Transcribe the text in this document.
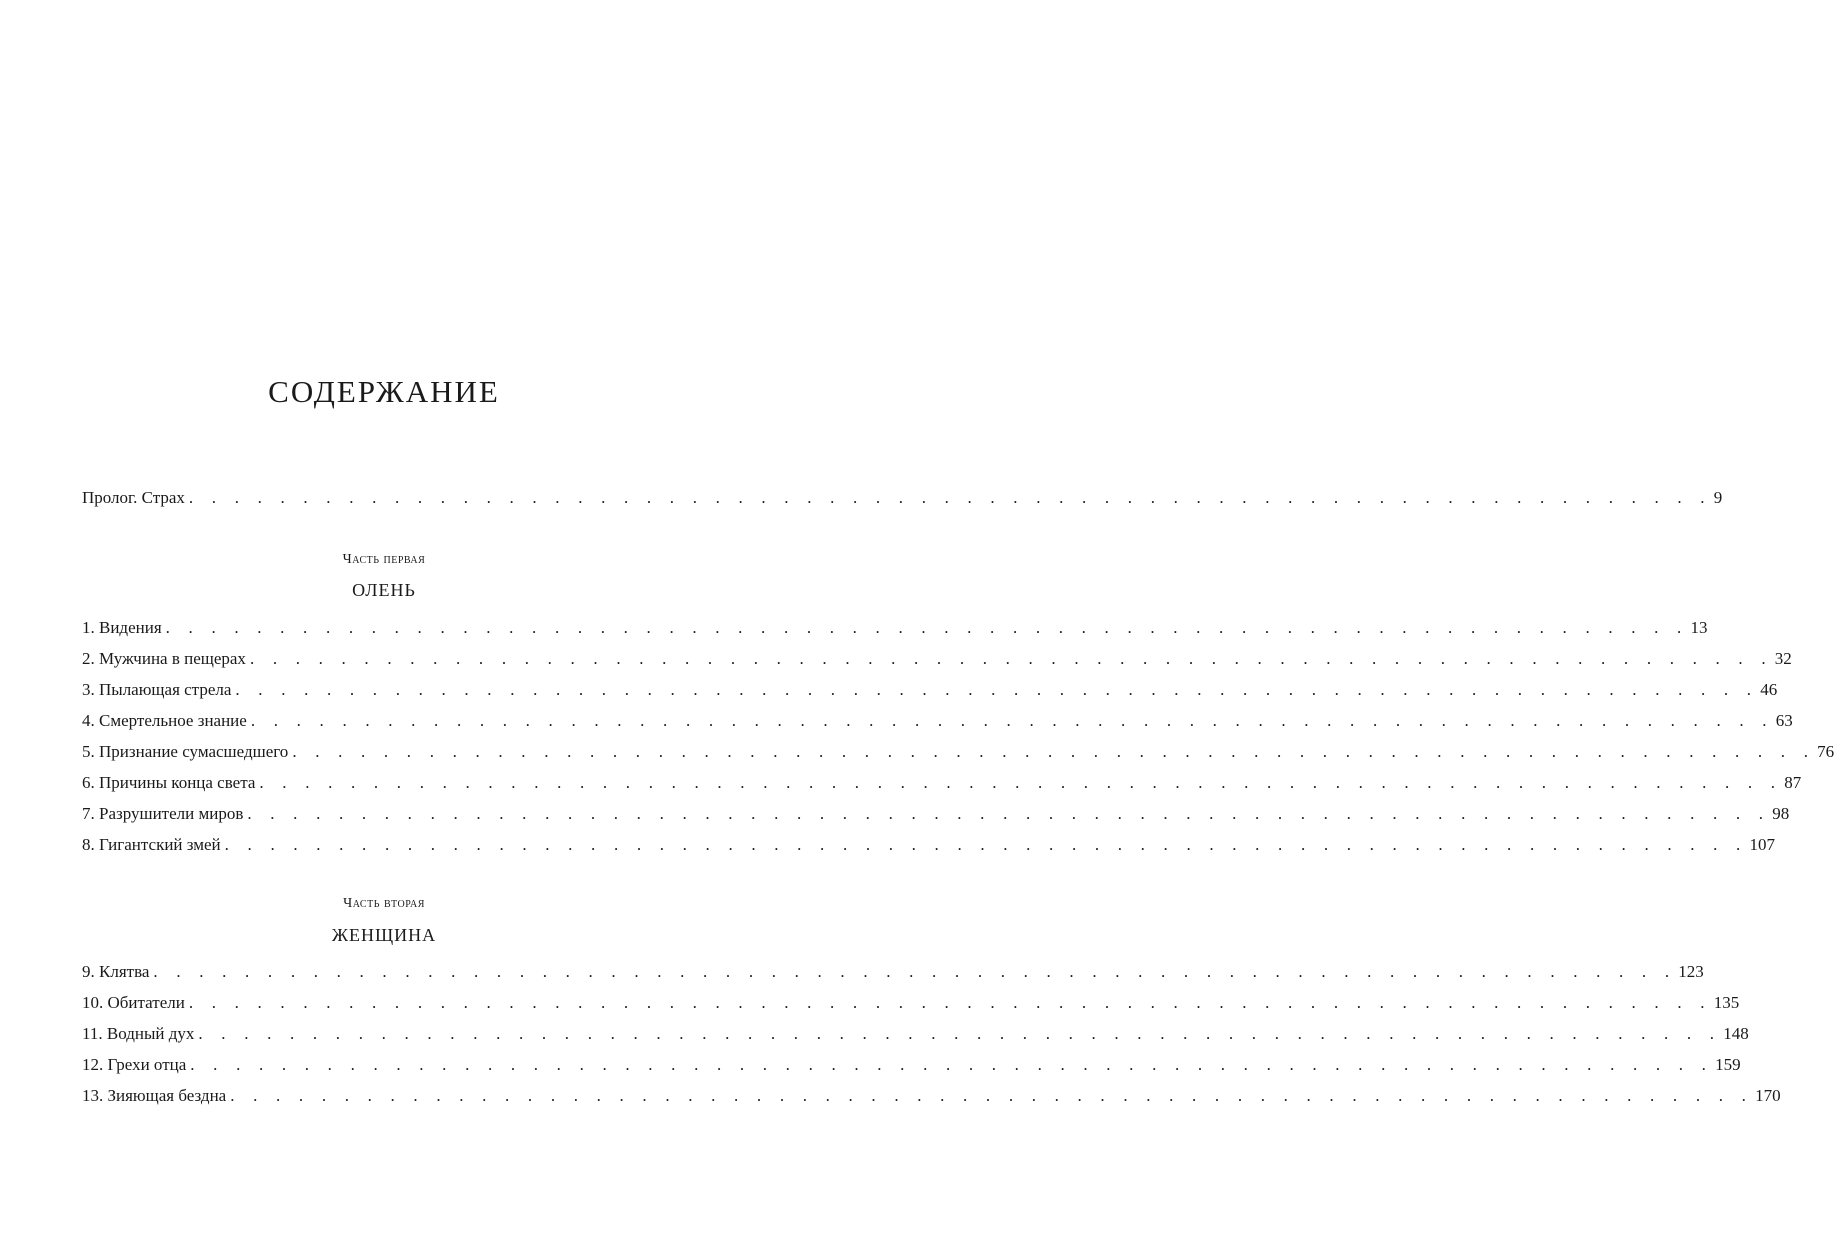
СОДЕРЖАНИЕ
Пролог. Страх . . . . . . . . . . . . . . . . . . . . . . . . . . . . . . . . . . . . . . . . . . . . . . . . . . . . . . . . . . . . . . . . . . . 9
Часть первая
ОЛЕНЬ
1. Видения . . . . . . . . . . . . . . . . . . . . . . . . . . . . . . . . . . . . . . . . . . . . . . . . . . . . . . . . . . . . . . . . . . . 13
2. Мужчина в пещерах . . . . . . . . . . . . . . . . . . . . . . . . . . . . . . . . . . . . . . . . . . . . . . . . . . . . . . . . . . . . . . . . . . . 32
3. Пылающая стрела . . . . . . . . . . . . . . . . . . . . . . . . . . . . . . . . . . . . . . . . . . . . . . . . . . . . . . . . . . . . . . . . . . . 46
4. Смертельное знание . . . . . . . . . . . . . . . . . . . . . . . . . . . . . . . . . . . . . . . . . . . . . . . . . . . . . . . . . . . . . . . . . . . 63
5. Признание сумасшедшего . . . . . . . . . . . . . . . . . . . . . . . . . . . . . . . . . . . . . . . . . . . . . . . . . . . . . . . . . . . . . . . . . . . 76
6. Причины конца света . . . . . . . . . . . . . . . . . . . . . . . . . . . . . . . . . . . . . . . . . . . . . . . . . . . . . . . . . . . . . . . . . . . 87
7. Разрушители миров . . . . . . . . . . . . . . . . . . . . . . . . . . . . . . . . . . . . . . . . . . . . . . . . . . . . . . . . . . . . . . . . . . . 98
8. Гигантский змей . . . . . . . . . . . . . . . . . . . . . . . . . . . . . . . . . . . . . . . . . . . . . . . . . . . . . . . . . . . . . . . . . . . 107
Часть вторая
ЖЕНЩИНА
9. Клятва . . . . . . . . . . . . . . . . . . . . . . . . . . . . . . . . . . . . . . . . . . . . . . . . . . . . . . . . . . . . . . . . . . . 123
10. Обитатели . . . . . . . . . . . . . . . . . . . . . . . . . . . . . . . . . . . . . . . . . . . . . . . . . . . . . . . . . . . . . . . . . . . 135
11. Водный дух . . . . . . . . . . . . . . . . . . . . . . . . . . . . . . . . . . . . . . . . . . . . . . . . . . . . . . . . . . . . . . . . . . . 148
12. Грехи отца . . . . . . . . . . . . . . . . . . . . . . . . . . . . . . . . . . . . . . . . . . . . . . . . . . . . . . . . . . . . . . . . . . . 159
13. Зияющая бездна . . . . . . . . . . . . . . . . . . . . . . . . . . . . . . . . . . . . . . . . . . . . . . . . . . . . . . . . . . . . . . . . . . . 170
